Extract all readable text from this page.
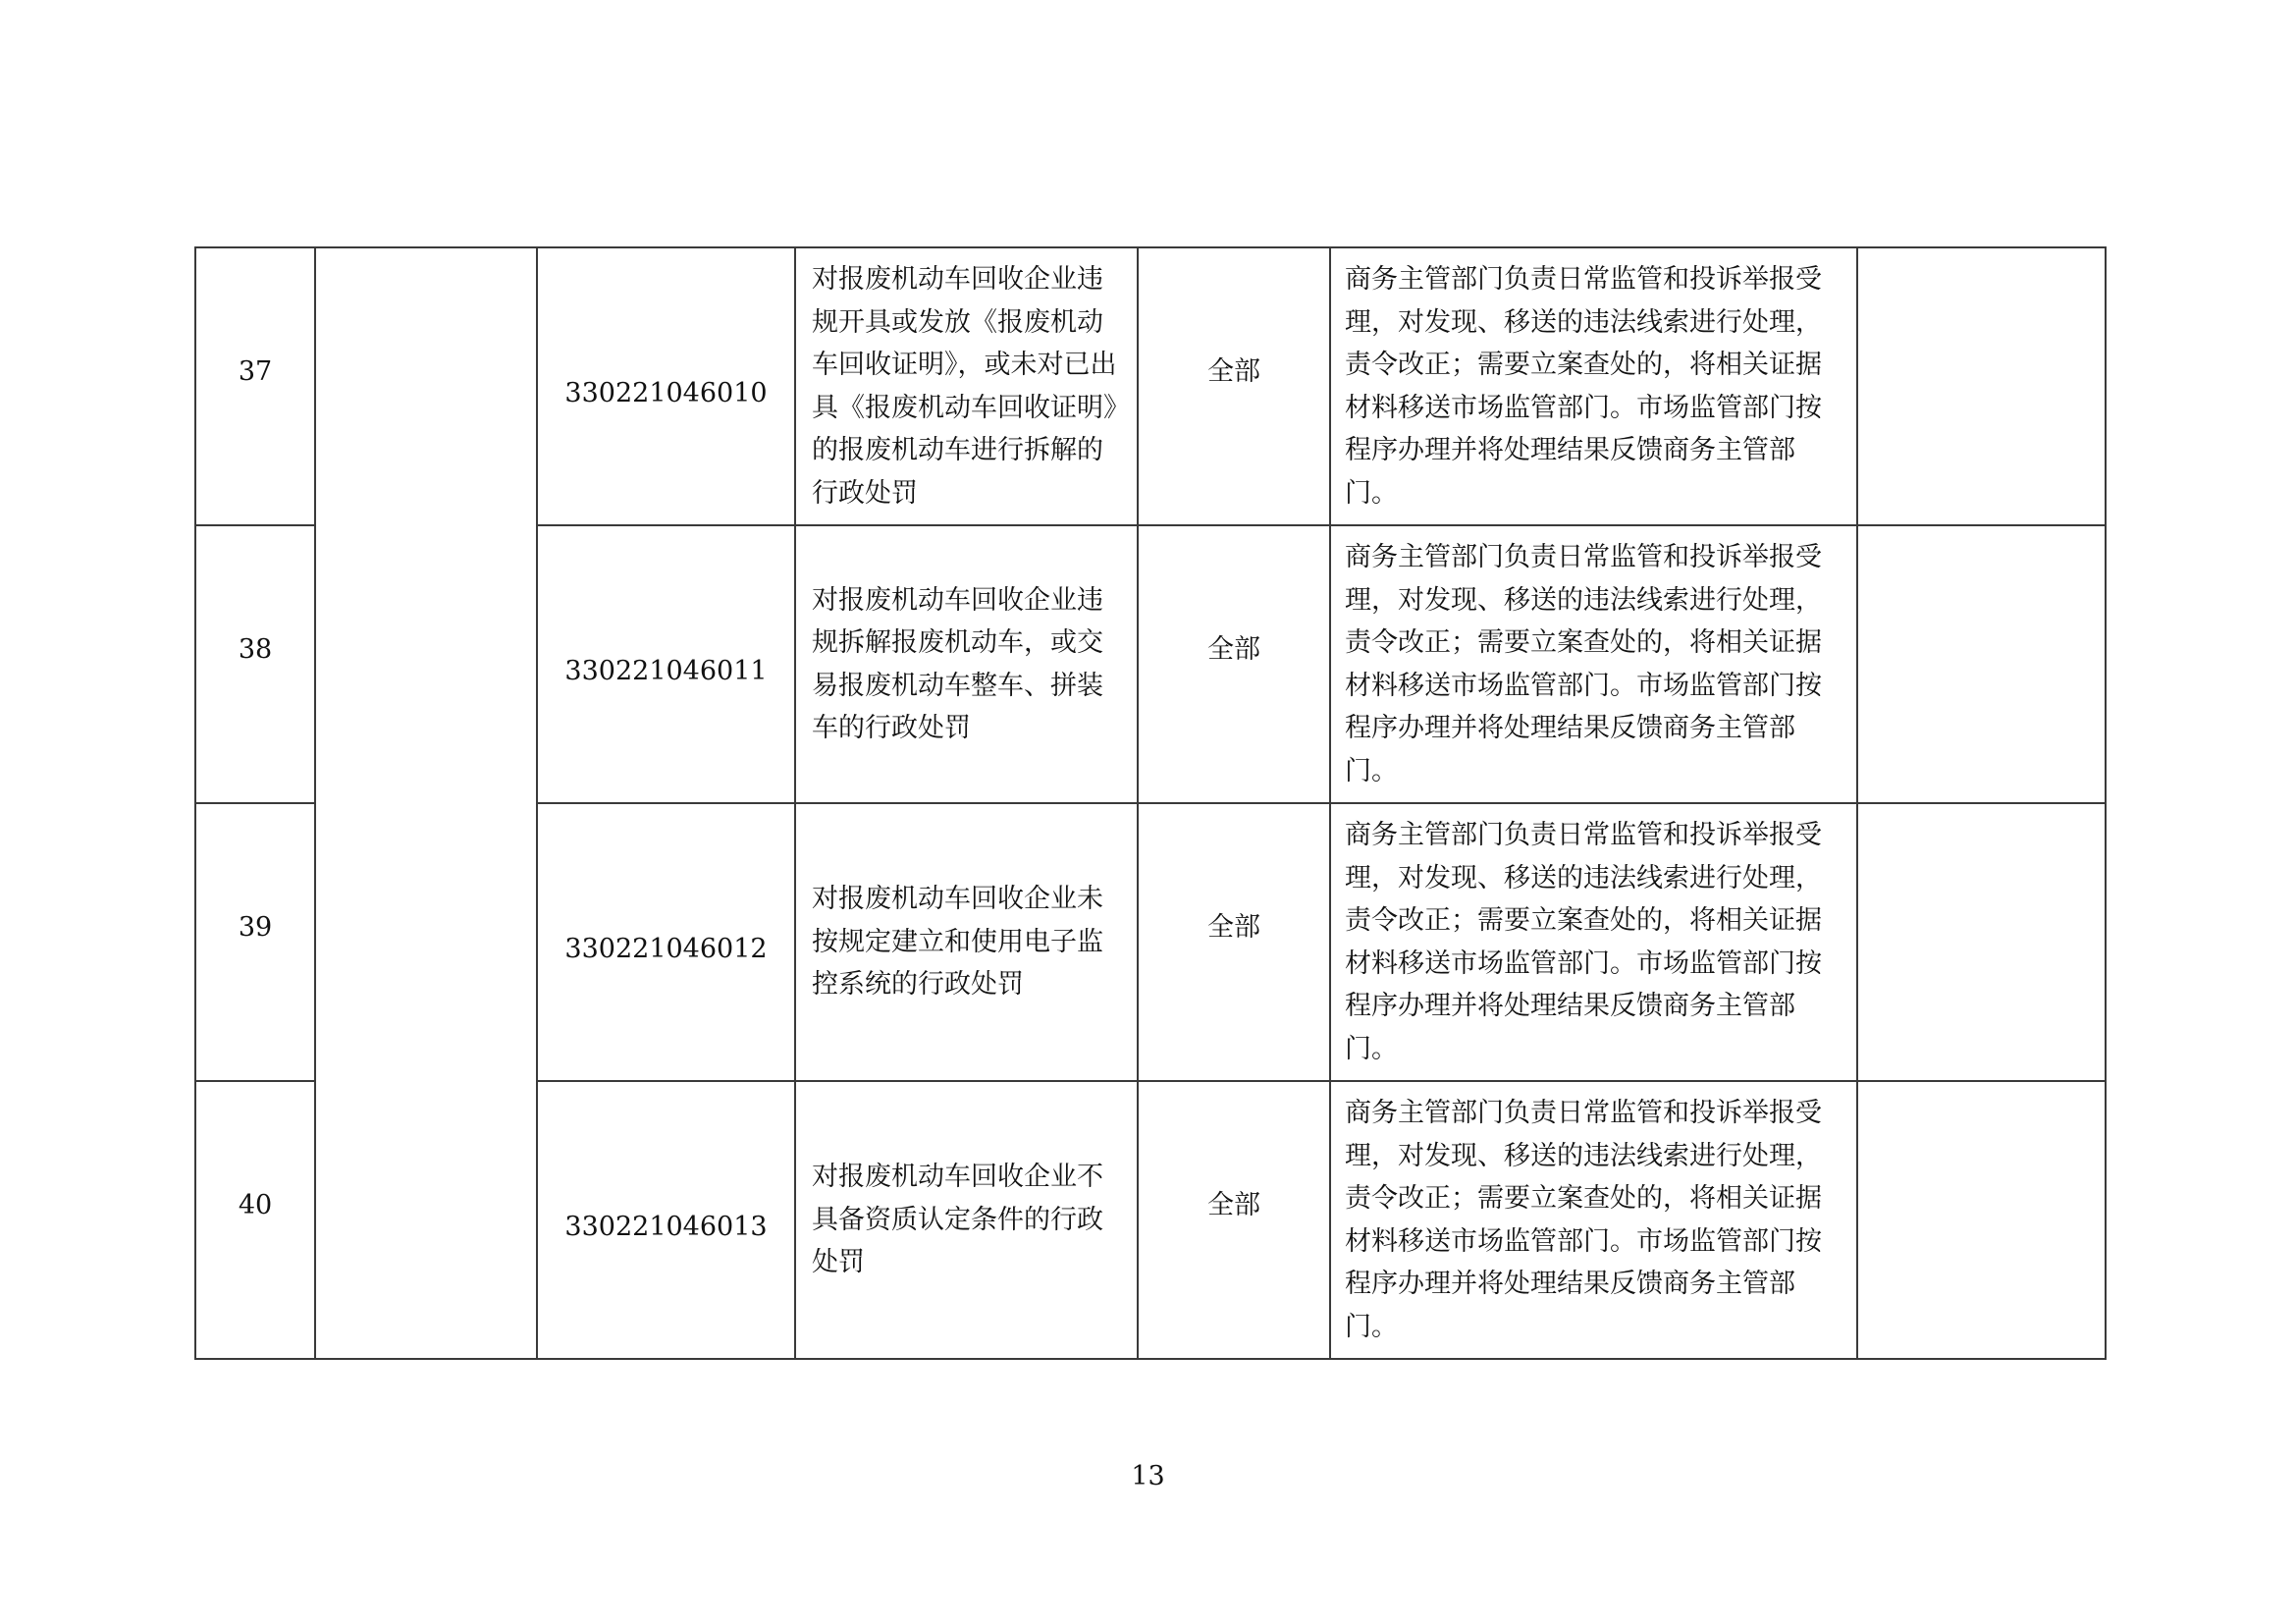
37		330221046010	对报废机动车回收企业违规开具或发放《报废机动车回收证明》，或未对已出具《报废机动车回收证明》的报废机动车进行拆解的行政处罚	全部	商务主管部门负责日常监管和投诉举报受理，对发现、移送的违法线索进行处理，责令改正；需要立案查处的，将相关证据材料移送市场监管部门。市场监管部门按程序办理并将处理结果反馈商务主管部门。	
38		330221046011	对报废机动车回收企业违规拆解报废机动车，或交易报废机动车整车、拼装车的行政处罚	全部	商务主管部门负责日常监管和投诉举报受理，对发现、移送的违法线索进行处理，责令改正；需要立案查处的，将相关证据材料移送市场监管部门。市场监管部门按程序办理并将处理结果反馈商务主管部门。	
39		330221046012	对报废机动车回收企业未按规定建立和使用电子监控系统的行政处罚	全部	商务主管部门负责日常监管和投诉举报受理，对发现、移送的违法线索进行处理，责令改正；需要立案查处的，将相关证据材料移送市场监管部门。市场监管部门按程序办理并将处理结果反馈商务主管部门。	
40		330221046013	对报废机动车回收企业不具备资质认定条件的行政处罚	全部	商务主管部门负责日常监管和投诉举报受理，对发现、移送的违法线索进行处理，责令改正；需要立案查处的，将相关证据材料移送市场监管部门。市场监管部门按程序办理并将处理结果反馈商务主管部门。	
13
